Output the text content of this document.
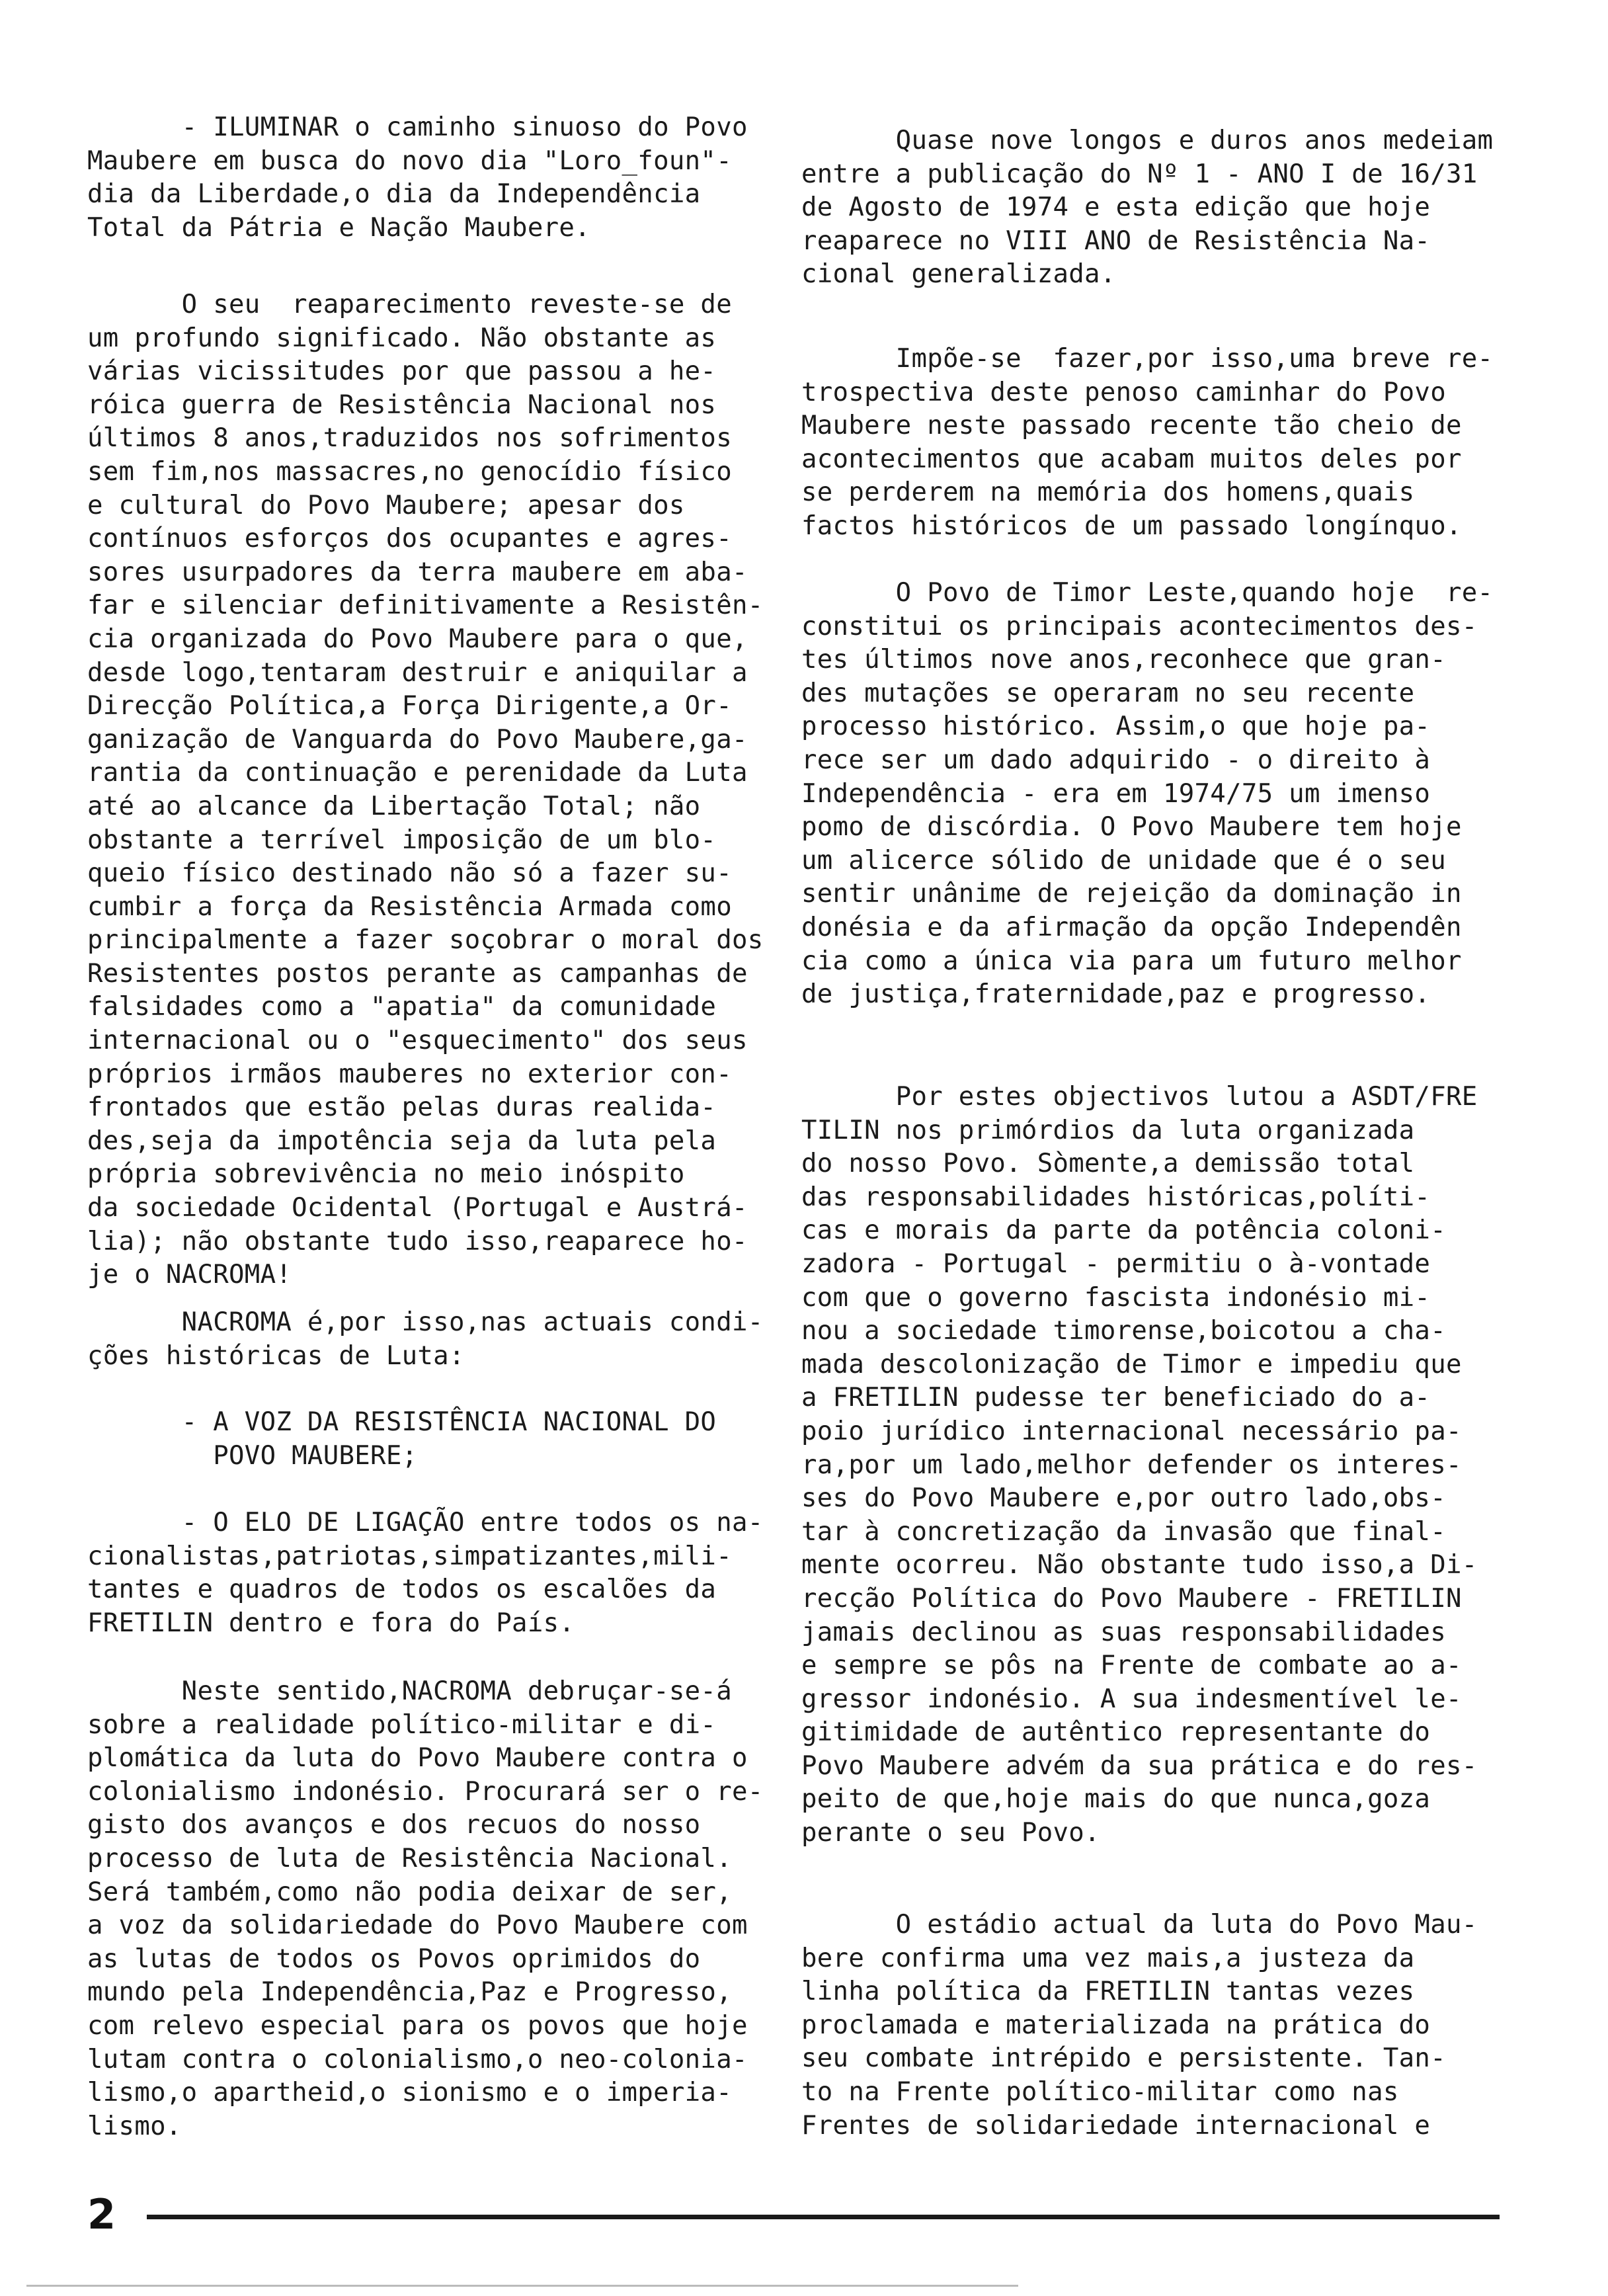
- ILUMINAR o caminho sinuoso do Povo
Maubere em busca do novo dia "Loro_foun"-
dia da Liberdade,o dia da Independência
Total da Pátria e Nação Maubere.

O seu  reaparecimento reveste-se de
um profundo significado. Não obstante as
várias vicissitudes por que passou a he-
róica guerra de Resistência Nacional nos
últimos 8 anos,traduzidos nos sofrimentos
sem fim,nos massacres,no genocídio físico
e cultural do Povo Maubere; apesar dos
contínuos esforços dos ocupantes e agres-
sores usurpadores da terra maubere em aba-
far e silenciar definitivamente a Resistên-
cia organizada do Povo Maubere para o que,
desde logo,tentaram destruir e aniquilar a
Direcção Política,a Força Dirigente,a Or-
ganização de Vanguarda do Povo Maubere,ga-
rantia da continuação e perenidade da Luta
até ao alcance da Libertação Total; não
obstante a terrível imposição de um blo-
queio físico destinado não só a fazer su-
cumbir a força da Resistência Armada como
principalmente a fazer soçobrar o moral dos
Resistentes postos perante as campanhas de
falsidades como a "apatia" da comunidade
internacional ou o "esquecimento" dos seus
próprios irmãos mauberes no exterior con-
frontados que estão pelas duras realida-
des,seja da impotência seja da luta pela
própria sobrevivência no meio inóspito
da sociedade Ocidental (Portugal e Austrá-
lia); não obstante tudo isso,reaparece ho-
je o NACROMA!

NACROMA é,por isso,nas actuais condi-
ções históricas de Luta:

- A VOZ DA RESISTÊNCIA NACIONAL DO
POVO MAUBERE;

- O ELO DE LIGAÇÃO entre todos os na-
cionalistas,patriotas,simpatizantes,mili-
tantes e quadros de todos os escalões da
FRETILIN dentro e fora do País.

Neste sentido,NACROMA debruçar-se-á
sobre a realidade político-militar e di-
plomática da luta do Povo Maubere contra o
colonialismo indonésio. Procurará ser o re-
gisto dos avanços e dos recuos do nosso
processo de luta de Resistência Nacional.
Será também,como não podia deixar de ser,
a voz da solidariedade do Povo Maubere com
as lutas de todos os Povos oprimidos do
mundo pela Independência,Paz e Progresso,
com relevo especial para os povos que hoje
lutam contra o colonialismo,o neo-colonia-
lismo,o apartheid,o sionismo e o imperia-
lismo.

Quase nove longos e duros anos medeiam
entre a publicação do Nº 1 - ANO I de 16/31
de Agosto de 1974 e esta edição que hoje
reaparece no VIII ANO de Resistência Na-
cional generalizada.

Impõe-se  fazer,por isso,uma breve re-
trospectiva deste penoso caminhar do Povo
Maubere neste passado recente tão cheio de
acontecimentos que acabam muitos deles por
se perderem na memória dos homens,quais
factos históricos de um passado longínquo.

O Povo de Timor Leste,quando hoje  re-
constitui os principais acontecimentos des-
tes últimos nove anos,reconhece que gran-
des mutações se operaram no seu recente
processo histórico. Assim,o que hoje pa-
rece ser um dado adquirido - o direito à
Independência - era em 1974/75 um imenso
pomo de discórdia. O Povo Maubere tem hoje
um alicerce sólido de unidade que é o seu
sentir unânime de rejeição da dominação in
donésia e da afirmação da opção Independên
cia como a única via para um futuro melhor
de justiça,fraternidade,paz e progresso.

Por estes objectivos lutou a ASDT/FRE
TILIN nos primórdios da luta organizada
do nosso Povo. Sòmente,a demissão total
das responsabilidades históricas,políti-
cas e morais da parte da potência coloni-
zadora - Portugal - permitiu o à-vontade
com que o governo fascista indonésio mi-
nou a sociedade timorense,boicotou a cha-
mada descolonização de Timor e impediu que
a FRETILIN pudesse ter beneficiado do a-
poio jurídico internacional necessário pa-
ra,por um lado,melhor defender os interes-
ses do Povo Maubere e,por outro lado,obs-
tar à concretização da invasão que final-
mente ocorreu. Não obstante tudo isso,a Di-
recção Política do Povo Maubere - FRETILIN
jamais declinou as suas responsabilidades
e sempre se pôs na Frente de combate ao a-
gressor indonésio. A sua indesmentível le-
gitimidade de autêntico representante do
Povo Maubere advém da sua prática e do res-
peito de que,hoje mais do que nunca,goza
perante o seu Povo.

O estádio actual da luta do Povo Mau-
bere confirma uma vez mais,a justeza da
linha política da FRETILIN tantas vezes
proclamada e materializada na prática do
seu combate intrépido e persistente. Tan-
to na Frente político-militar como nas
Frentes de solidariedade internacional e

2
